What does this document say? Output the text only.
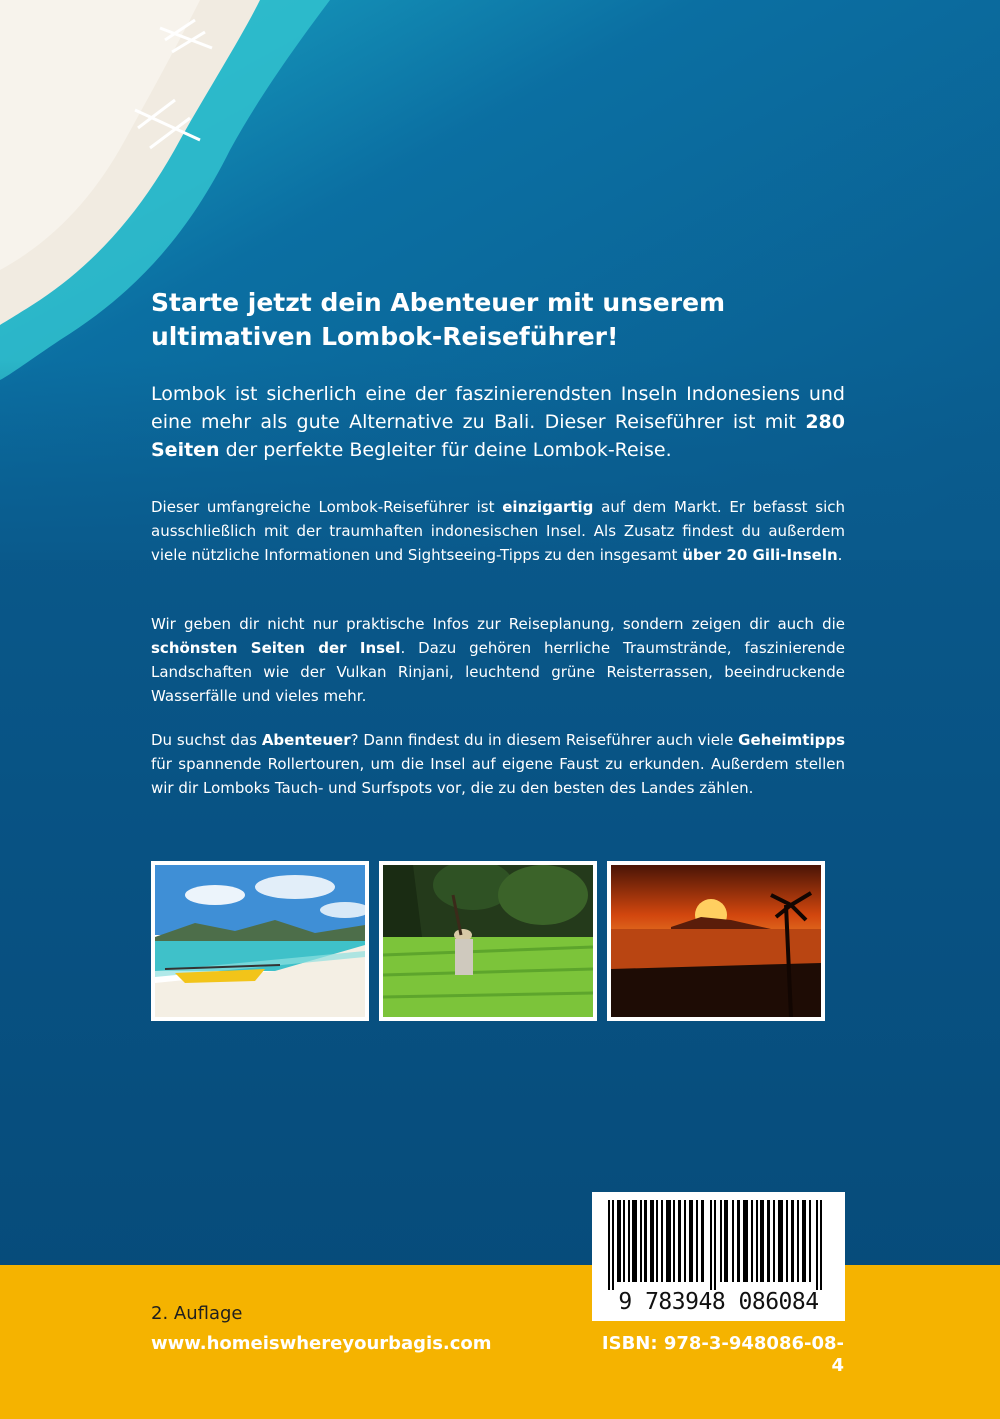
Starte jetzt dein Abenteuer mit unserem ultimativen Lombok-Reiseführer!

Lombok ist sicherlich eine der faszinierendsten Inseln Indonesiens und eine mehr als gute Alternative zu Bali. Dieser Reiseführer ist mit 280 Seiten der perfekte Begleiter für deine Lombok-Reise.

Dieser umfangreiche Lombok-Reiseführer ist einzigartig auf dem Markt. Er befasst sich ausschließlich mit der traumhaften indonesischen Insel. Als Zusatz findest du außerdem viele nützliche Informationen und Sightseeing-Tipps zu den insgesamt über 20 Gili-Inseln.

Wir geben dir nicht nur praktische Infos zur Reiseplanung, sondern zeigen dir auch die schönsten Seiten der Insel. Dazu gehören herrliche Traumstrände, faszinierende Landschaften wie der Vulkan Rinjani, leuchtend grüne Reisterrassen, beeindruckende Wasserfälle und vieles mehr.

Du suchst das Abenteuer? Dann findest du in diesem Reiseführer auch viele Geheimtipps für spannende Rollertouren, um die Insel auf eigene Faust zu erkunden. Außerdem stellen wir dir Lomboks Tauch- und Surfspots vor, die zu den besten des Landes zählen.

9 783948 086084
2. Auflage
www.homeiswhereyourbagis.com	ISBN: 978-3-948086-08-4
